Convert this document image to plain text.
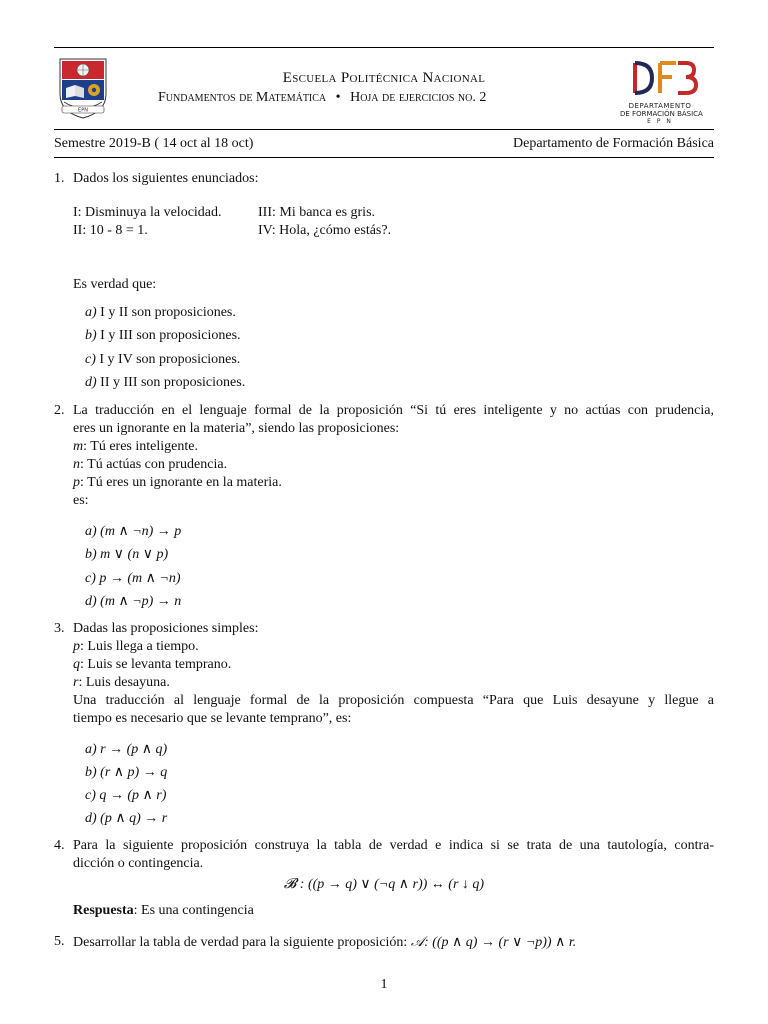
EPN
Escuela Politécnica Nacional
Fundamentos de Matemática • Hoja de ejercicios no. 2
DEPARTAMENTO
DE FORMACIÓN BÁSICA
E P N
Semestre 2019-B ( 14 oct al 18 oct)	Departamento de Formación Básica
1. Dados los siguientes enunciados:
I: Disminuya la velocidad.	III: Mi banca es gris.
II: 10 - 8 = 1.	IV: Hola, ¿cómo estás?.
Es verdad que:
a) I y II son proposiciones.
b) I y III son proposiciones.
c) I y IV son proposiciones.
d) II y III son proposiciones.
2. La traducción en el lenguaje formal de la proposición “Si tú eres inteligente y no actúas con prudencia,
eres un ignorante en la materia”, siendo las proposiciones:
m: Tú eres inteligente.
n: Tú actúas con prudencia.
p: Tú eres un ignorante en la materia.
es:
a) (m ∧ ¬n) → p
b) m ∨ (n ∨ p)
c) p → (m ∧ ¬n)
d) (m ∧ ¬p) → n
3. Dadas las proposiciones simples:
p: Luis llega a tiempo.
q: Luis se levanta temprano.
r: Luis desayuna.
Una traducción al lenguaje formal de la proposición compuesta “Para que Luis desayune y llegue a
tiempo es necesario que se levante temprano”, es:
a) r → (p ∧ q)
b) (r ∧ p) → q
c) q → (p ∧ r)
d) (p ∧ q) → r
4. Para la siguiente proposición construya la tabla de verdad e indica si se trata de una tautología, contra-
dicción o contingencia.
𝓑 : ((p → q) ∨ (¬q ∧ r)) ↔ (r ↓ q)
Respuesta: Es una contingencia
5. Desarrollar la tabla de verdad para la siguiente proposición: 𝒜: ((p ∧ q) → (r ∨ ¬p)) ∧ r.
1
